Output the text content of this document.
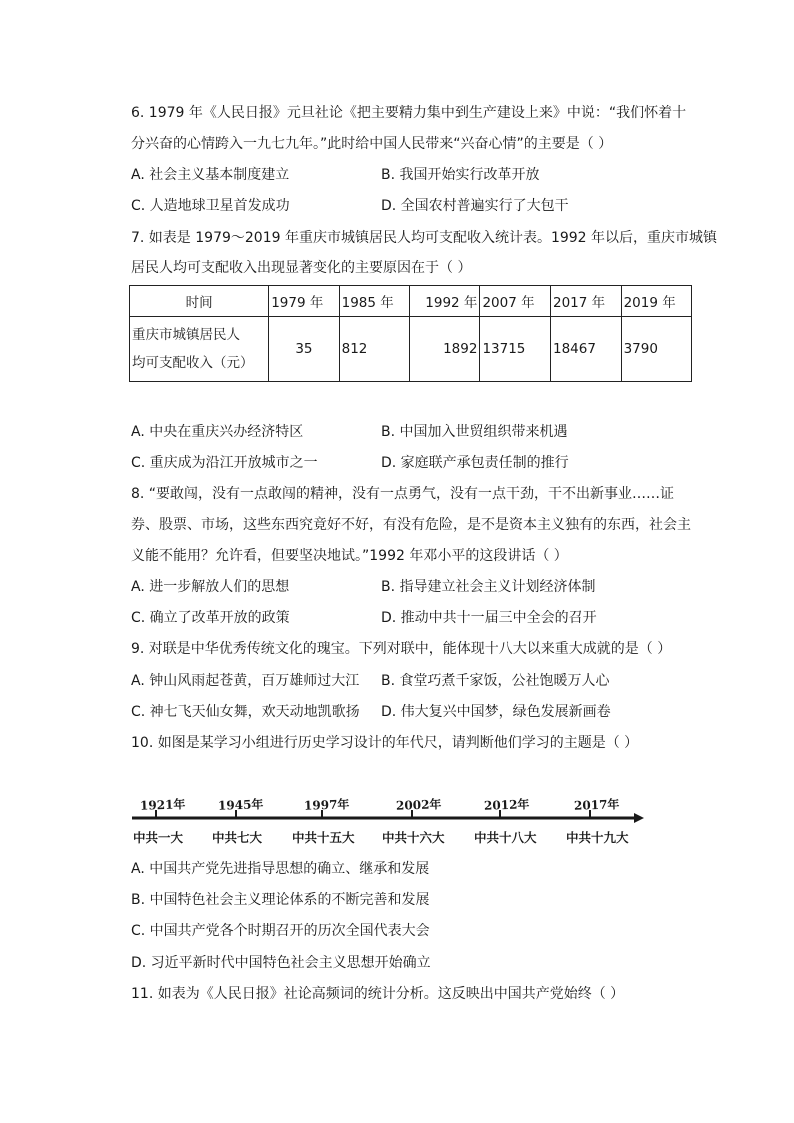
6. 1979 年《人民日报》元旦社论《把主要精力集中到生产建设上来》中说：“我们怀着十
分兴奋的心情跨入一九七九年。”此时给中国人民带来“兴奋心情”的主要是（ ）
A. 社会主义基本制度建立	B. 我国开始实行改革开放
C. 人造地球卫星首发成功	D. 全国农村普遍实行了大包干
7. 如表是 1979～2019 年重庆市城镇居民人均可支配收入统计表。1992 年以后，重庆市城镇
居民人均可支配收入出现显著变化的主要原因在于（ ）
时间	1979 年	1985 年	1992 年	2007 年	2017 年	2019 年

重庆市城镇居民人
均可支配收入（元）	35	812	1892	13715	18467	3790
A. 中央在重庆兴办经济特区	B. 中国加入世贸组织带来机遇
C. 重庆成为沿江开放城市之一	D. 家庭联产承包责任制的推行
8. “要敢闯，没有一点敢闯的精神，没有一点勇气，没有一点干劲，干不出新事业……证
券、股票、市场，这些东西究竟好不好，有没有危险，是不是资本主义独有的东西，社会主
义能不能用？允许看，但要坚决地试。”1992 年邓小平的这段讲话（ ）
A. 进一步解放人们的思想	B. 指导建立社会主义计划经济体制
C. 确立了改革开放的政策	D. 推动中共十一届三中全会的召开
9. 对联是中华优秀传统文化的瑰宝。下列对联中，能体现十八大以来重大成就的是（ ）
A. 钟山风雨起苍黄，百万雄师过大江 B. 食堂巧煮千家饭，公社饱暖万人心
C. 神七飞天仙女舞，欢天动地凯歌扬 D. 伟大复兴中国梦，绿色发展新画卷
10. 如图是某学习小组进行历史学习设计的年代尺，请判断他们学习的主题是（ ）
1921年	1945年	1997年	2002年	2012年	2017年
中共一大 中共七大 中共十五大 中共十六大 中共十八大 中共十九大
A. 中国共产党先进指导思想的确立、继承和发展
B. 中国特色社会主义理论体系的不断完善和发展
C. 中国共产党各个时期召开的历次全国代表大会
D. 习近平新时代中国特色社会主义思想开始确立
11. 如表为《人民日报》社论高频词的统计分析。这反映出中国共产党始终（ ）
